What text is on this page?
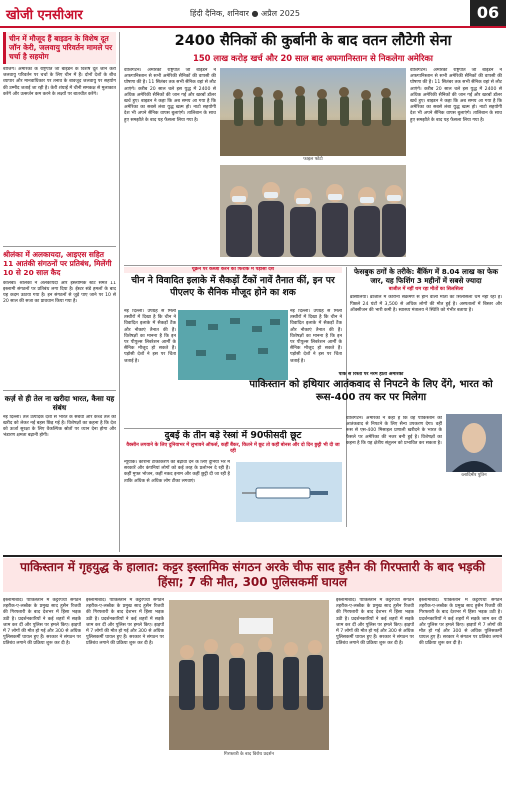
खोजी एनसीआर	हिंदी दैनिक, शनिवार ● अप्रैल 2025	06
चीन में मौजूद हैं बाइडन के विशेष दूत जॉन केरी, जलवायु परिवर्तन मामले पर चर्चा है सहयोग
बीजिंग। अमेरिका के राष्ट्रपति जो बाइडन के विशेष दूत जॉन केरी जलवायु परिवर्तन पर चर्चा के लिए चीन में हैं। दोनों देशों के बीच व्यापार और मानवाधिकार पर तनाव के बावजूद जलवायु पर सहयोग की उम्मीद जताई जा रही है। केरी शंघाई में चीनी समकक्ष से मुलाकात करेंगे और उत्सर्जन कम करने के लक्ष्यों पर बातचीत करेंगे।
श्रीलंका में अलकायदा, आइएस सहित 11 आतंकी संगठनों पर प्रतिबंध, मिलेंगी 10 से 20 साल कैद
कोलंबो। श्रीलंका ने अलकायदा और इस्लामिक स्टेट समेत 11 इस्लामी संगठनों पर प्रतिबंध लगा दिया है। ईस्टर संडे हमलों के बाद यह कदम उठाया गया है। इन संगठनों से जुड़े पाए जाने पर 10 से 20 साल की सजा का प्रावधान किया गया है।
कर्ज़ से ही तेल ना खरीदा भारत, कैसा यह संबंध
नई दिल्ली। तेल उत्पादक देशों से भारत के संबंधों और कच्चे तेल की खरीद को लेकर नई बहस छिड़ गई है। विशेषज्ञों का कहना है कि देश को ऊर्जा सुरक्षा के लिए वैकल्पिक स्रोतों पर ध्यान देना होगा और भंडारण क्षमता बढ़ानी होगी।
2400 सैनिकों की कुर्बानी के बाद वतन लौटेगी सेना
150 लाख करोड़ खर्च और 20 साल बाद अफगानिस्तान से निकलेगा अमेरिका
वाशिंगटन। अमेरिकी राष्ट्रपति जो बाइडन ने अफगानिस्तान से सभी अमेरिकी सैनिकों की वापसी की घोषणा की है। 11 सितंबर तक सभी सैनिक वहां से लौट आएंगे। करीब 20 साल चले इस युद्ध में 2400 से अधिक अमेरिकी सैनिकों की जान गई और खरबों डॉलर खर्च हुए। बाइडन ने कहा कि अब समय आ गया है कि अमेरिका का सबसे लंबा युद्ध खत्म हो। नाटो सहयोगी देश भी अपने सैनिक वापस बुलाएंगे। तालिबान के साथ हुए समझौते के बाद यह फैसला लिया गया है।
वाशिंगटन। अमेरिकी राष्ट्रपति जो बाइडन ने अफगानिस्तान से सभी अमेरिकी सैनिकों की वापसी की घोषणा की है। 11 सितंबर तक सभी सैनिक वहां से लौट आएंगे। करीब 20 साल चले इस युद्ध में 2400 से अधिक अमेरिकी सैनिकों की जान गई और खरबों डॉलर खर्च हुए। बाइडन ने कहा कि अब समय आ गया है कि अमेरिका का सबसे लंबा युद्ध खत्म हो। नाटो सहयोगी देश भी अपने सैनिक वापस बुलाएंगे। तालिबान के साथ हुए समझौते के बाद यह फैसला लिया गया है।
फाइल फोटो
यूक्रेन पर कब्जा करने की फिराक में पड़ोसी देश
चीन ने विवादित इलाके में सैकड़ों टैंकों नावें तैनात कीं, इन पर पीएलए के सैनिक मौजूद होने का शक
नई दिल्ली। उपग्रह से मिली तस्वीरों में दिखा है कि चीन ने विवादित इलाके में सैकड़ों टैंक और नौकाएं तैनात की हैं। विशेषज्ञों का मानना है कि इन पर पीपुल्स लिबरेशन आर्मी के सैनिक मौजूद हो सकते हैं। पड़ोसी देशों ने इस पर चिंता जताई है।
नई दिल्ली। उपग्रह से मिली तस्वीरों में दिखा है कि चीन ने विवादित इलाके में सैकड़ों टैंक और नौकाएं तैनात की हैं। विशेषज्ञों का मानना है कि इन पर पीपुल्स लिबरेशन आर्मी के सैनिक मौजूद हो सकते हैं। पड़ोसी देशों ने इस पर चिंता जताई है।
दुबई के तीन बड़े रेस्त्रां में 90फीसदी छूट
वैक्सीन लगवाने के लिए दुनियाभर में लुभावने ऑफर्स, कहीं बैंकर, कितने में छूट तो कहीं बोनस और दो दिन छुट्टी भी दी जा रही
न्यूयॉर्क। कोरोना टीकाकरण को बढ़ावा देने के लिए दुनिया भर में सरकारें और कंपनियां लोगों को कई तरह के प्रलोभन दे रही हैं। कहीं मुफ्त भोजन, कहीं नकद इनाम और कहीं छुट्टी दी जा रही है ताकि अधिक से अधिक लोग टीका लगवाएं।
फेसबुक ठगों के तरीके: बैंकिंग में 8.04 लाख का फेक जार, यह फिशिंग 3 महीनों में सबसे ज्यादा
बाजील में नहीं थम रहा मौतों का सिलसिला
ब्रासीलिया। ब्राजील में कोरोना संक्रमण से होने वाली मौतों का सिलसिला थम नहीं रहा है। पिछले 24 घंटों में 3,500 से अधिक लोगों की मौत हुई है। अस्पतालों में बिस्तर और ऑक्सीजन की भारी कमी है। स्वास्थ्य मंत्रालय ने स्थिति को गंभीर बताया है।
पाक से रिश्तों पर नरम होता अमेरिका
पाकिस्तान को हथियार आतंकवाद से निपटने के लिए देंगे, भारत को रूस-400 तय कर पर मिलेगा
वाशिंगटन। अमेरिका ने कहा है कि वह पाकिस्तान को आतंकवाद से निपटने के लिए सैन्य उपकरण देगा। वहीं रूस से एस-400 मिसाइल प्रणाली खरीदने के भारत के फैसले पर अमेरिका की नजर बनी हुई है। विशेषज्ञों का कहना है कि यह क्षेत्रीय संतुलन को प्रभावित कर सकता है।
व्लादिमीर पुतिन
पाकिस्तान में गृहयुद्ध के हालात: कट्टर इस्लामिक संगठन अरके चीफ साद हुसैन की गिरफ्तारी के बाद भड़की हिंसा; 7 की मौत, 300 पुलिसकर्मी घायल
इस्लामाबाद। पाकिस्तान में कट्टरपंथी संगठन तहरीक-ए-लब्बैक के प्रमुख साद हुसैन रिजवी की गिरफ्तारी के बाद देशभर में हिंसा भड़क उठी है। प्रदर्शनकारियों ने कई शहरों में सड़कें जाम कर दीं और पुलिस पर हमले किए। झड़पों में 7 लोगों की मौत हो गई और 300 से अधिक पुलिसकर्मी घायल हुए हैं। सरकार ने संगठन पर प्रतिबंध लगाने की प्रक्रिया शुरू कर दी है।
इस्लामाबाद। पाकिस्तान में कट्टरपंथी संगठन तहरीक-ए-लब्बैक के प्रमुख साद हुसैन रिजवी की गिरफ्तारी के बाद देशभर में हिंसा भड़क उठी है। प्रदर्शनकारियों ने कई शहरों में सड़कें जाम कर दीं और पुलिस पर हमले किए। झड़पों में 7 लोगों की मौत हो गई और 300 से अधिक पुलिसकर्मी घायल हुए हैं। सरकार ने संगठन पर प्रतिबंध लगाने की प्रक्रिया शुरू कर दी है।
इस्लामाबाद। पाकिस्तान में कट्टरपंथी संगठन तहरीक-ए-लब्बैक के प्रमुख साद हुसैन रिजवी की गिरफ्तारी के बाद देशभर में हिंसा भड़क उठी है। प्रदर्शनकारियों ने कई शहरों में सड़कें जाम कर दीं और पुलिस पर हमले किए। झड़पों में 7 लोगों की मौत हो गई और 300 से अधिक पुलिसकर्मी घायल हुए हैं। सरकार ने संगठन पर प्रतिबंध लगाने की प्रक्रिया शुरू कर दी है।
इस्लामाबाद। पाकिस्तान में कट्टरपंथी संगठन तहरीक-ए-लब्बैक के प्रमुख साद हुसैन रिजवी की गिरफ्तारी के बाद देशभर में हिंसा भड़क उठी है। प्रदर्शनकारियों ने कई शहरों में सड़कें जाम कर दीं और पुलिस पर हमले किए। झड़पों में 7 लोगों की मौत हो गई और 300 से अधिक पुलिसकर्मी घायल हुए हैं। सरकार ने संगठन पर प्रतिबंध लगाने की प्रक्रिया शुरू कर दी है।
गिरफ्तारी के बाद विरोध प्रदर्शन
